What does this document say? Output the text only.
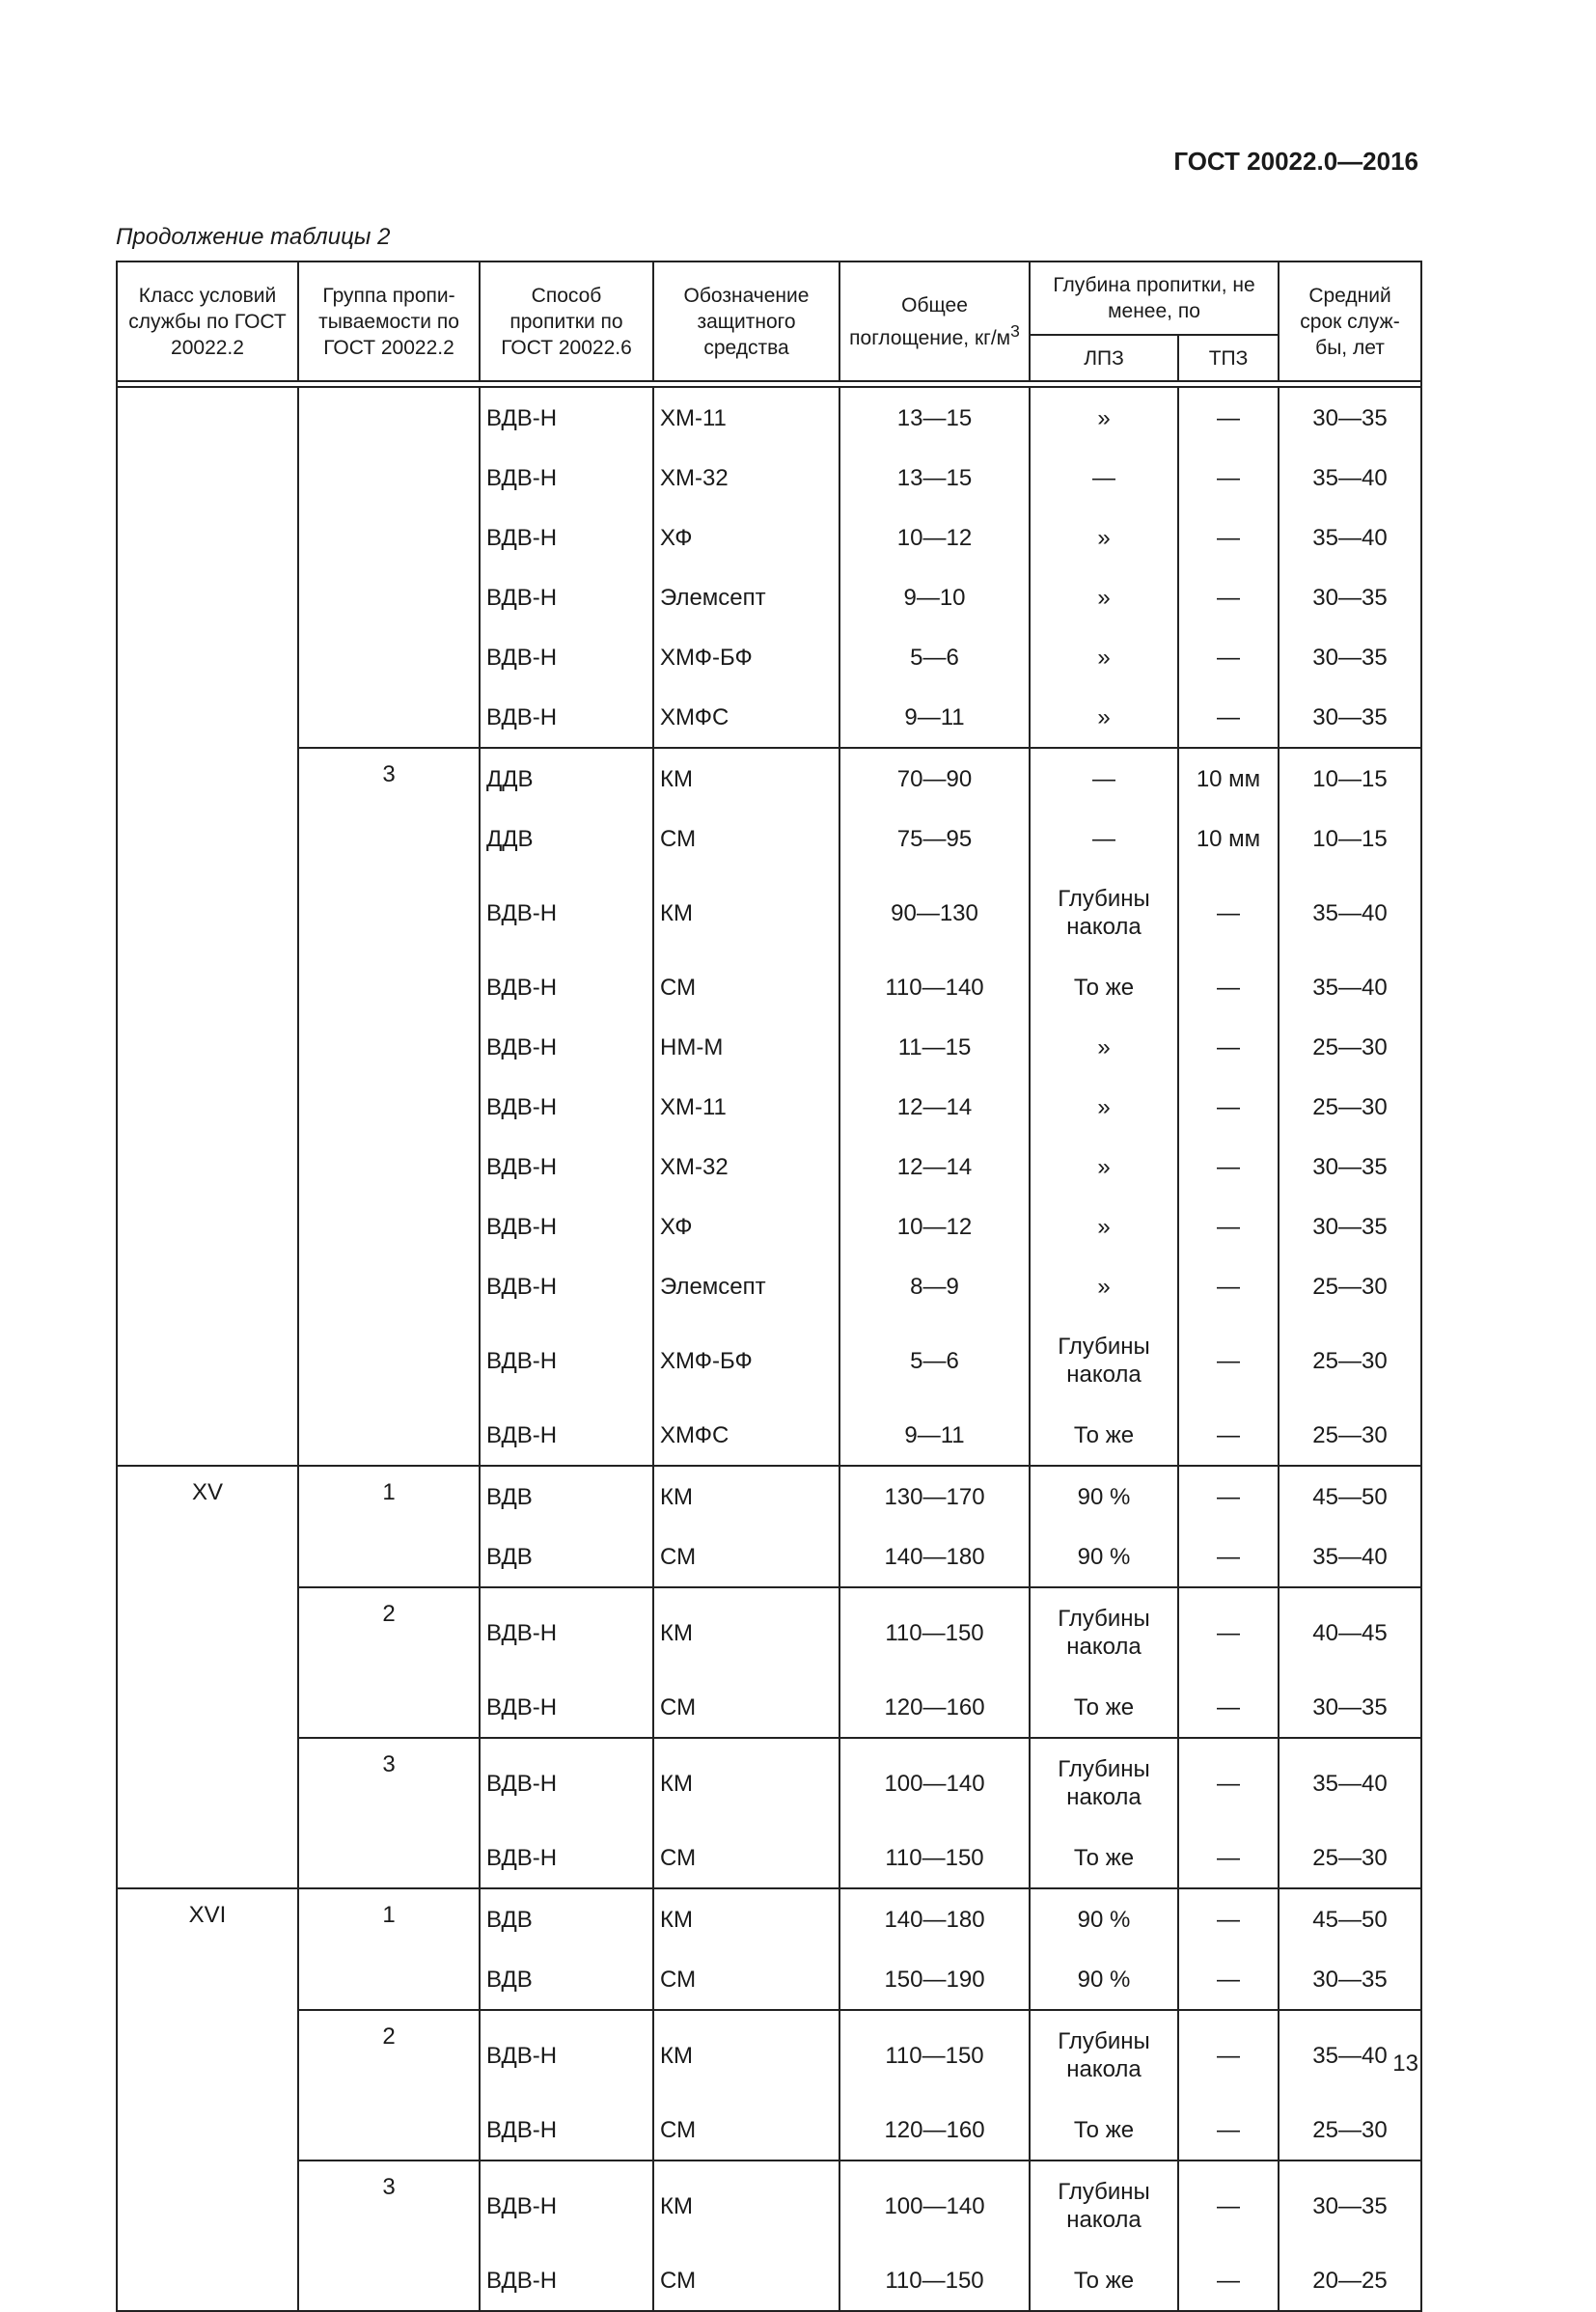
ГОСТ 20022.0—2016
Продолжение таблицы 2
Класс условий службы по ГОСТ 20022.2	Группа пропи-тываемости по ГОСТ 20022.2	Способ пропитки по ГОСТ 20022.6	Обозначение защитного средства	Общее поглощение, $кг/м^3$	Глубина пропитки, не менее, по		Средний срок служ-бы, лет
					ЛПЗ	ТПЗ	

		ВДВ-Н	ХМ-11	13—15	»	—	30—35
		ВДВ-Н	ХМ-32	13—15	—	—	35—40
		ВДВ-Н	ХФ	10—12	»	—	35—40
		ВДВ-Н	Элемсепт	9—10	»	—	30—35
		ВДВ-Н	ХМФ-БФ	5—6	»	—	30—35
		ВДВ-Н	ХМФС	9—11	»	—	30—35
	3	ДДВ	КМ	70—90	—	10 мм	10—15
		ДДВ	СМ	75—95	—	10 мм	10—15
		ВДВ-Н	КМ	90—130	Глубины накола	—	35—40
		ВДВ-Н	СМ	110—140	То же	—	35—40
		ВДВ-Н	НМ-М	11—15	»	—	25—30
		ВДВ-Н	ХМ-11	12—14	»	—	25—30
		ВДВ-Н	ХМ-32	12—14	»	—	30—35
		ВДВ-Н	ХФ	10—12	»	—	30—35
		ВДВ-Н	Элемсепт	8—9	»	—	25—30
		ВДВ-Н	ХМФ-БФ	5—6	Глубины накола	—	25—30
		ВДВ-Н	ХМФС	9—11	То же	—	25—30
XV	1	ВДВ	КМ	130—170	90 %	—	45—50
		ВДВ	СМ	140—180	90 %	—	35—40
	2	ВДВ-Н	КМ	110—150	Глубины накола	—	40—45
		ВДВ-Н	СМ	120—160	То же	—	30—35
	3	ВДВ-Н	КМ	100—140	Глубины накола	—	35—40
		ВДВ-Н	СМ	110—150	То же	—	25—30
XVI	1	ВДВ	КМ	140—180	90 %	—	45—50
		ВДВ	СМ	150—190	90 %	—	30—35
	2	ВДВ-Н	КМ	110—150	Глубины накола	—	35—40
		ВДВ-Н	СМ	120—160	То же	—	25—30
	3	ВДВ-Н	КМ	100—140	Глубины накола	—	30—35
		ВДВ-Н	СМ	110—150	То же	—	20—25
13
